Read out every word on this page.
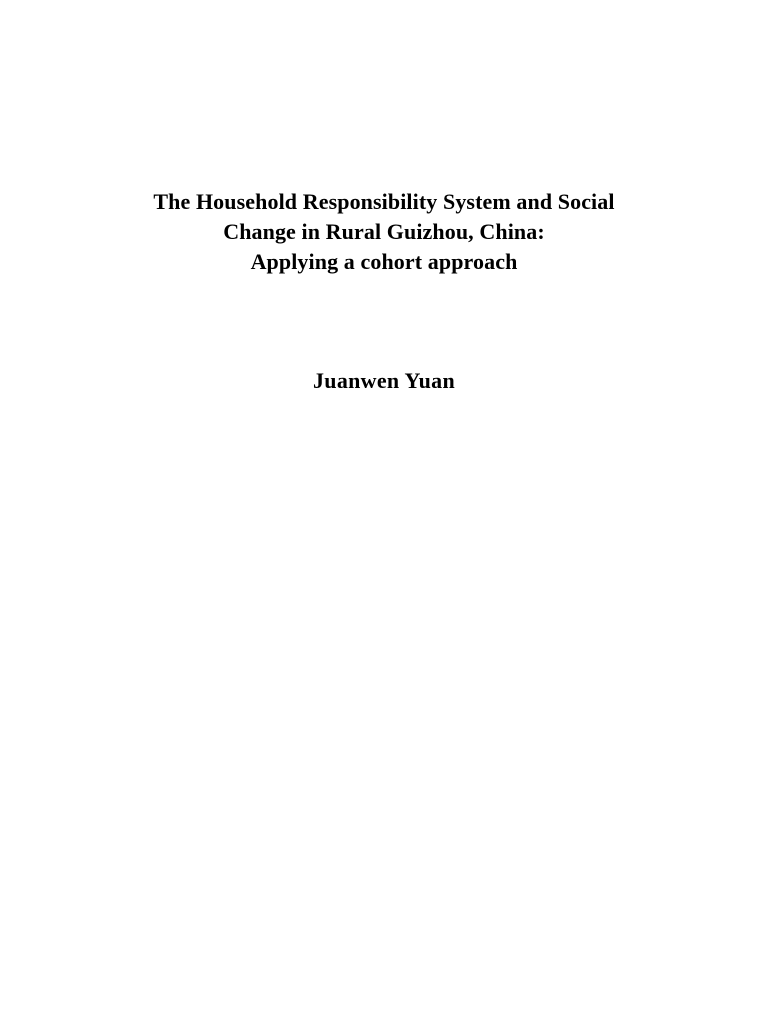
The Household Responsibility System and Social
Change in Rural Guizhou, China:
Applying a cohort approach
Juanwen Yuan
